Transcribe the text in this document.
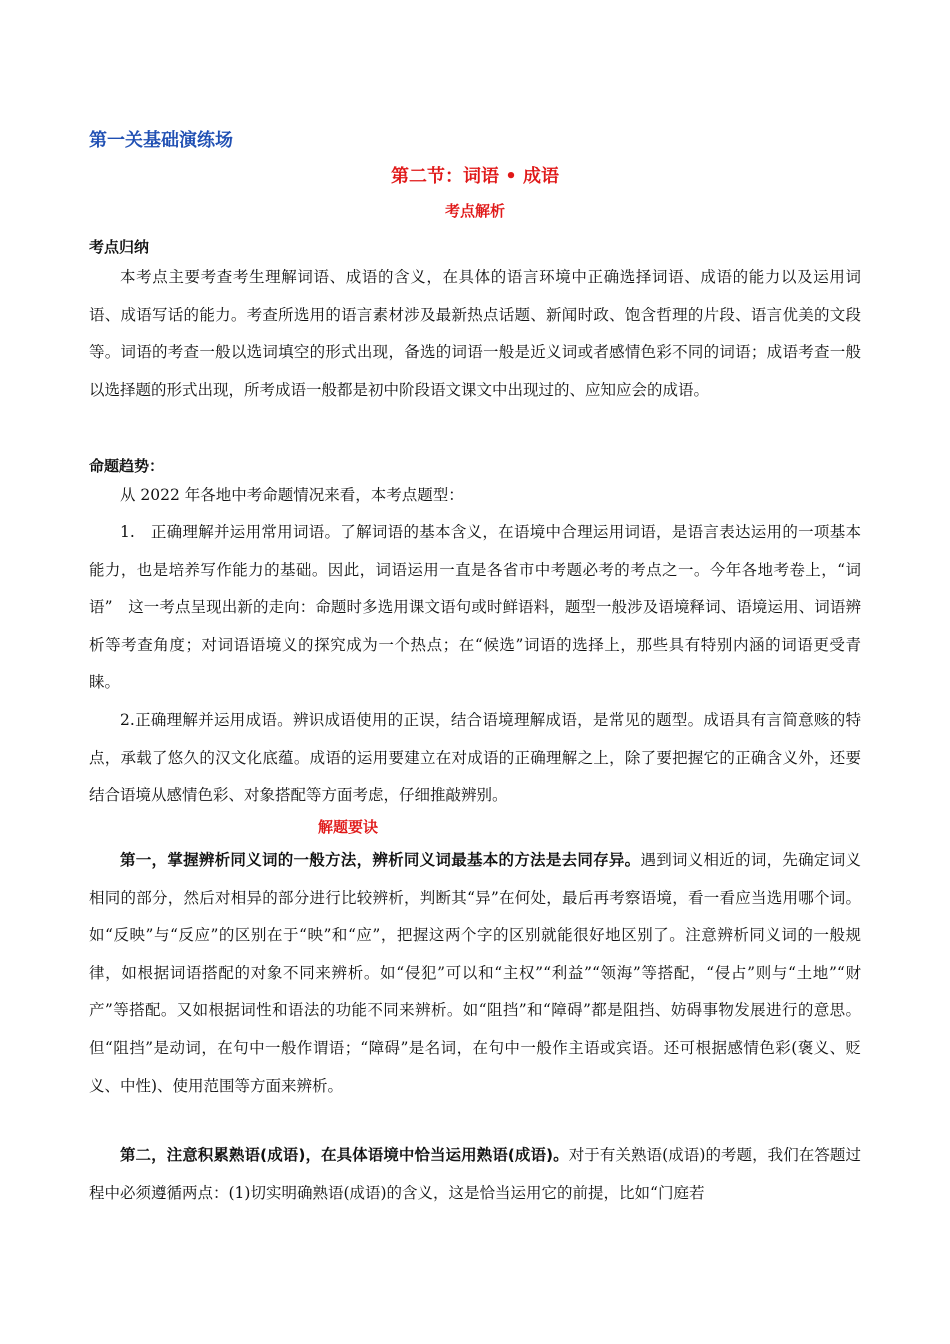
第一关基础演练场
第二节：词语 • 成语
考点解析
考点归纳

本考点主要考查考生理解词语、成语的含义，在具体的语言环境中正确选择词语、成语的能力以及运用词语、成语写话的能力。考查所选用的语言素材涉及最新热点话题、新闻时政、饱含哲理的片段、语言优美的文段等。词语的考查一般以选词填空的形式出现，备选的词语一般是近义词或者感情色彩不同的词语；成语考查一般以选择题的形式出现，所考成语一般都是初中阶段语文课文中出现过的、应知应会的成语。

命题趋势：

从 2022 年各地中考命题情况来看，本考点题型：

1.　正确理解并运用常用词语。了解词语的基本含义，在语境中合理运用词语，是语言表达运用的一项基本能力，也是培养写作能力的基础。因此，词语运用一直是各省市中考题必考的考点之一。今年各地考卷上，“词语”　这一考点呈现出新的走向：命题时多选用课文语句或时鲜语料，题型一般涉及语境释词、语境运用、词语辨析等考查角度；对词语语境义的探究成为一个热点；在“候选”词语的选择上，那些具有特别内涵的词语更受青睐。

2.正确理解并运用成语。辨识成语使用的正误，结合语境理解成语，是常见的题型。成语具有言简意赅的特点，承载了悠久的汉文化底蕴。成语的运用要建立在对成语的正确理解之上，除了要把握它的正确含义外，还要结合语境从感情色彩、对象搭配等方面考虑，仔细推敲辨别。

解题要诀

第一，掌握辨析同义词的一般方法，辨析同义词最基本的方法是去同存异。遇到词义相近的词，先确定词义相同的部分，然后对相异的部分进行比较辨析，判断其“异”在何处，最后再考察语境，看一看应当选用哪个词。如“反映”与“反应”的区别在于“映”和“应”，把握这两个字的区别就能很好地区别了。注意辨析同义词的一般规律，如根据词语搭配的对象不同来辨析。如“侵犯”可以和“主权”“利益”“领海”等搭配，“侵占”则与“土地”“财产”等搭配。又如根据词性和语法的功能不同来辨析。如“阻挡”和“障碍”都是阻挡、妨碍事物发展进行的意思。但“阻挡”是动词，在句中一般作谓语；“障碍”是名词，在句中一般作主语或宾语。还可根据感情色彩(褒义、贬义、中性)、使用范围等方面来辨析。

第二，注意积累熟语(成语)，在具体语境中恰当运用熟语(成语)。对于有关熟语(成语)的考题，我们在答题过程中必须遵循两点：(1)切实明确熟语(成语)的含义，这是恰当运用它的前提，比如“门庭若
